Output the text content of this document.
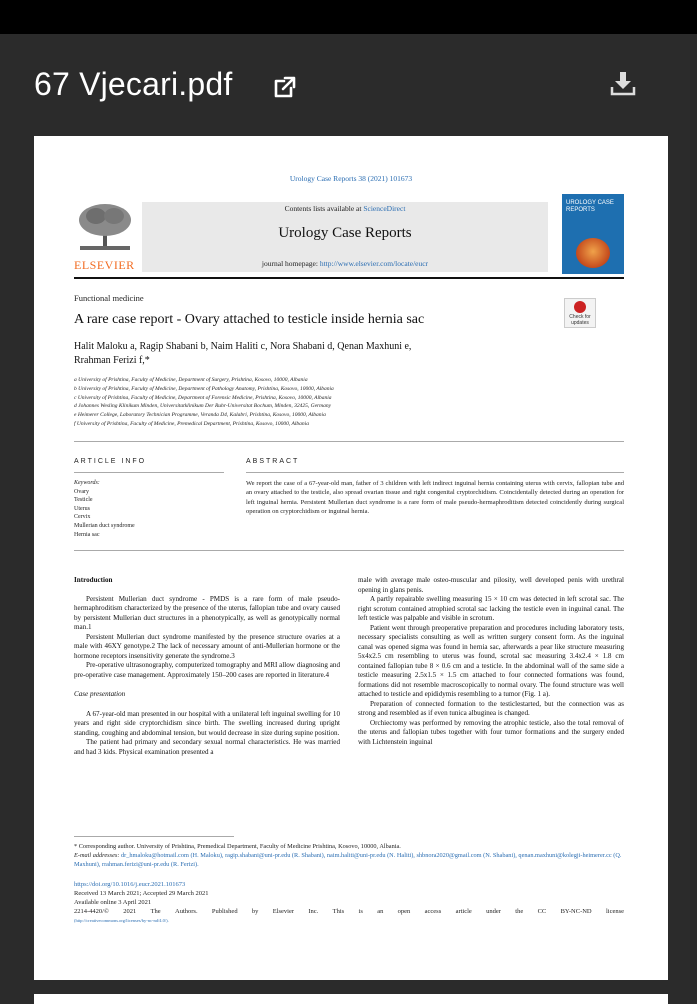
67 Vjecari.pdf
Urology Case Reports 38 (2021) 101673
ELSEVIER
Contents lists available at ScienceDirect
Urology Case Reports
journal homepage: http://www.elsevier.com/locate/eucr
UROLOGY CASE REPORTS
Functional medicine
A rare case report - Ovary attached to testicle inside hernia sac	Check for updates
Halit Maloku a, Ragip Shabani b, Naim Haliti c, Nora Shabani d, Qenan Maxhuni e,
Rrahman Ferizi f,*
a University of Prishtina, Faculty of Medicine, Department of Surgery, Prishtina, Kosovo, 10000, Albania
b University of Prishtina, Faculty of Medicine, Department of Pathology Anatomy, Prishtina, Kosovo, 10000, Albania
c University of Prishtina, Faculty of Medicine, Department of Forensic Medicine, Prishtina, Kosovo, 10000, Albania
d Johannes Wesling Klinikum Minden, Universitatklinikum Der Ruhr-Universitat Bochum, Minden, 32425, Germany
e Heimerer College, Laboratory Technician Programme, Veranda D4, Kalabri, Prishtina, Kosovo, 10000, Albania
f University of Prishtina, Faculty of Medicine, Premedical Department, Prishtina, Kosovo, 10000, Albania
ARTICLE INFO	ABSTRACT
Keywords:
Ovary
Testicle
Uterus
Cervix
Mullerian duct syndrome
Hernia sac
We report the case of a 67-year-old man, father of 3 children with left indirect inguinal hernia containing uterus with cervix, fallopian tube and an ovary attached to the testicle, also spread ovarian tissue and right congenital cryptorchidism. Coincidentally detected during an operation for left inguinal hernia. Persistent Mullerian duct syndrome is a rare form of male pseudo-hermaphroditism detected coincidently during surgical operation on cryptorchidism or inguinal hernia.

Introduction

Persistent Mullerian duct syndrome - PMDS is a rare form of male pseudo-hermaphroditism characterized by the presence of the uterus, fallopian tube and ovary caused by persistent Mullerian duct structures in a phenotypically, as well as genotypically normal man.1

Persistent Mullerian duct syndrome manifested by the presence structure ovaries at a male with 46XY genotype.2 The lack of necessary amount of anti-Mullerian hormone or the hormone receptors insensitivity generate the syndrome.3

Pre-operative ultrasonography, computerized tomography and MRI allow diagnosing and pre-operative case management. Approximately 150–200 cases are reported in literature.4

Case presentation

A 67-year-old man presented in our hospital with a unilateral left inguinal swelling for 10 years and right side cryptorchidism since birth. The swelling increased during upright standing, coughing and abdominal tension, but would decrease in size during supine position.

The patient had primary and secondary sexual normal characteristics. He was married and had 3 kids. Physical examination presented a

male with average male osteo-muscular and pilosity, well developed penis with urethral opening in glans penis.

A partly repairable swelling measuring 15 × 10 cm was detected in left scrotal sac. The right scrotum contained atrophied scrotal sac lacking the testicle even in inguinal canal. The left testicle was palpable and visible in scrotum.

Patient went through preoperative preparation and procedures including laboratory tests, necessary specialists consulting as well as written surgery consent form. As the inguinal canal was opened sigma was found in hernia sac, afterwards a pear like structure measuring 5x4x2.5 cm resembling to uterus was found, scrotal sac measuring 3.4x2.4 × 1.8 cm contained fallopian tube 8 × 0.6 cm and a testicle. In the abdominal wall of the same side a testicle measuring 2.5x1.5 × 1.5 cm attached to four connected formations was found, formations did not resemble macroscopically to normal ovary. The found structure was well attached to testicle and epididymis resembling to a tumor (Fig. 1 a).

Preparation of connected formation to the testiclestarted, but the connection was as strong and resembled as if even tunica albuginea is changed.

Orchiectomy was performed by removing the atrophic testicle, also the total removal of the uterus and fallopian tubes together with four tumor formations and the surgery ended with Lichtenstein inguinal

* Corresponding author. University of Prishtina, Premedical Department, Faculty of Medicine Prishtina, Kosovo, 10000, Albania.
E-mail addresses: dr_hmaloku@hotmail.com (H. Maloku), ragip.shabani@uni-pr.edu (R. Shabani), naim.haliti@uni-pr.edu (N. Haliti), shbnora2020@gmail.com (N. Shabani), qenan.maxhuni@kolegji-heimerer.cc (Q. Maxhuni), rrahman.ferizi@uni-pr.edu (R. Ferizi).
https://doi.org/10.1016/j.eucr.2021.101673
Received 13 March 2021; Accepted 29 March 2021
Available online 3 April 2021
2214-4420/© 2021 The Authors. Published by Elsevier Inc. This is an open access article under the CC BY-NC-ND license
(http://creativecommons.org/licenses/by-nc-nd/4.0/).
